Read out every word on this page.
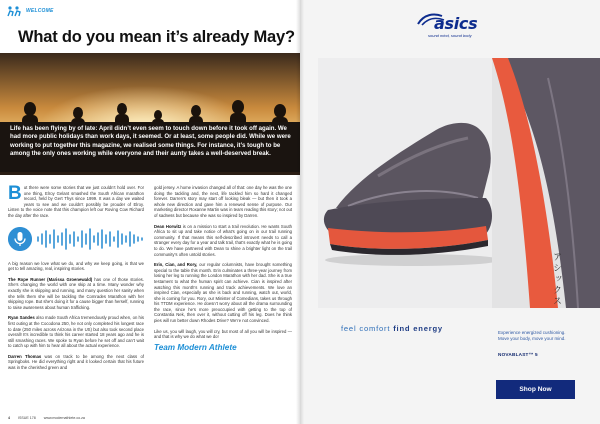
WELCOME
What do you mean it’s already May?

Life has been flying by of late: April didn’t even seem to touch down before it took off again. We had more public holidays than work days, it seemed. Or at least, some people did. While we were working to put together this magazine, we realised some things. For instance, it’s tough to be among the only ones working while everyone and their aunty takes a well-deserved break.

But there were some stories that we just couldn’t hold over. For one thing, Elroy Gelant smashed the South African marathon record, held by Gert Thys since 1999. It was a day we waited years to see and we couldn’t possibly be prouder of Elroy. Listen to the voice note that this champion left our Roving Cow Richard the day after the race.

A big reason we love what we do, and why we keep going, is that we get to tell amazing, real, inspiring stories.

The Rope Runner (Marissa Groenewald) has one of those stories. She’s changing the world with one skip at a time. Many wonder why exactly she is skipping and running, and many question her sanity when she tells them she will be tackling the Comrades Marathon with her skipping rope. But she’s doing it for a cause bigger than herself, running to raise awareness about human trafficking.

Ryan Sandes also made South Africa tremendously proud when, on his first outing at the Cocodona 250, he not only completed his longest race to date (250 miles across Arizona in the US) but also took second place overall! It’s incredible to think his career started 18 years ago and he is still smashing races. We spoke to Ryan before he set off and can’t wait to catch up with him to hear all about the actual experience.

Darren Thomas was on track to be among the next class of Springboks. He did everything right and it looked certain that his future was in the cherished green and

gold jersey. A home invasion changed all of that: one day he was the one doing the tackling and, the next, life tackled him so hard it changed forever. Darren’s story may start off looking bleak — but then it took a whole new direction and gave him a renewed sense of purpose. Our marketing director Roxanne Martin was in tears reading this story; not out of sadness but because she was so inspired by Darren.

Dean Horwitz is on a mission to start a trail revolution. He wants South Africa to sit up and take notice of what’s going on in our trail running community. If that means this self-described introvert needs to call a stranger every day for a year and talk trail, that’s exactly what he is going to do. We have partnered with Dean to shine a brighter light on the trail community’s often untold stories.

Erin, Cian, and Rory, our regular columnists, have brought something special to the table this month. Erin culminates a three-year journey from losing her leg to running the London Marathon with her dad. She is a true testament to what the human spirit can achieve. Cian is inspired after watching this month’s running and track achievements. We love an inspired Cian, especially as she is back and running, watch out, world, she is coming for you. Rory, our Minister of Comedians, takes us through his TTDM experience. He doesn’t worry about all the drama surrounding the race, since he’s more preoccupied with getting to the top of Constantia Nek, then over it, without cutting off his leg. Does he think pies will run better down Rhodes Drive? We’re not convinced.

Like us, you will laugh, you will cry, but most of all you will be inspired — and that is why we do what we do!

Team Modern Athlete
4 ISSUE 178 www.modernathlete.co.za
asics
sound mind, sound body
アシックス
feel comfort find energy	Experience energized cushioning.
Move your body, move your mind.
NOVABLAST™ 5
Shop Now
